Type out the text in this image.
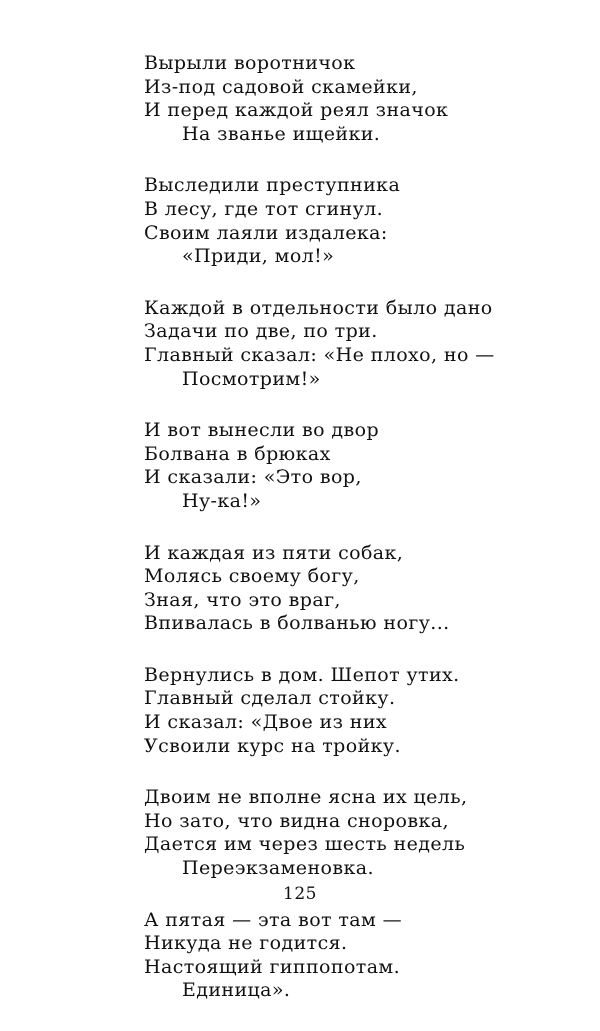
Вырыли воротничок
Из-под садовой скамейки,
И перед каждой реял значок
На званье ищейки.
Выследили преступника
В лесу, где тот сгинул.
Своим лаяли издалека:
«Приди, мол!»
Каждой в отдельности было дано
Задачи по две, по три.
Главный сказал: «Не плохо, но —
Посмотрим!»
И вот вынесли во двор
Болвана в брюках
И сказали: «Это вор,
Ну-ка!»
И каждая из пяти собак,
Молясь своему богу,
Зная, что это враг,
Впивалась в болванью ногу...
Вернулись в дом. Шепот утих.
Главный сделал стойку.
И сказал: «Двое из них
Усвоили курс на тройку.
Двоим не вполне ясна их цель,
Но зато, что видна сноровка,
Дается им через шесть недель
Переэкзаменовка.
А пятая — эта вот там —
Никуда не годится.
Настоящий гиппопотам.
Единица».
125
